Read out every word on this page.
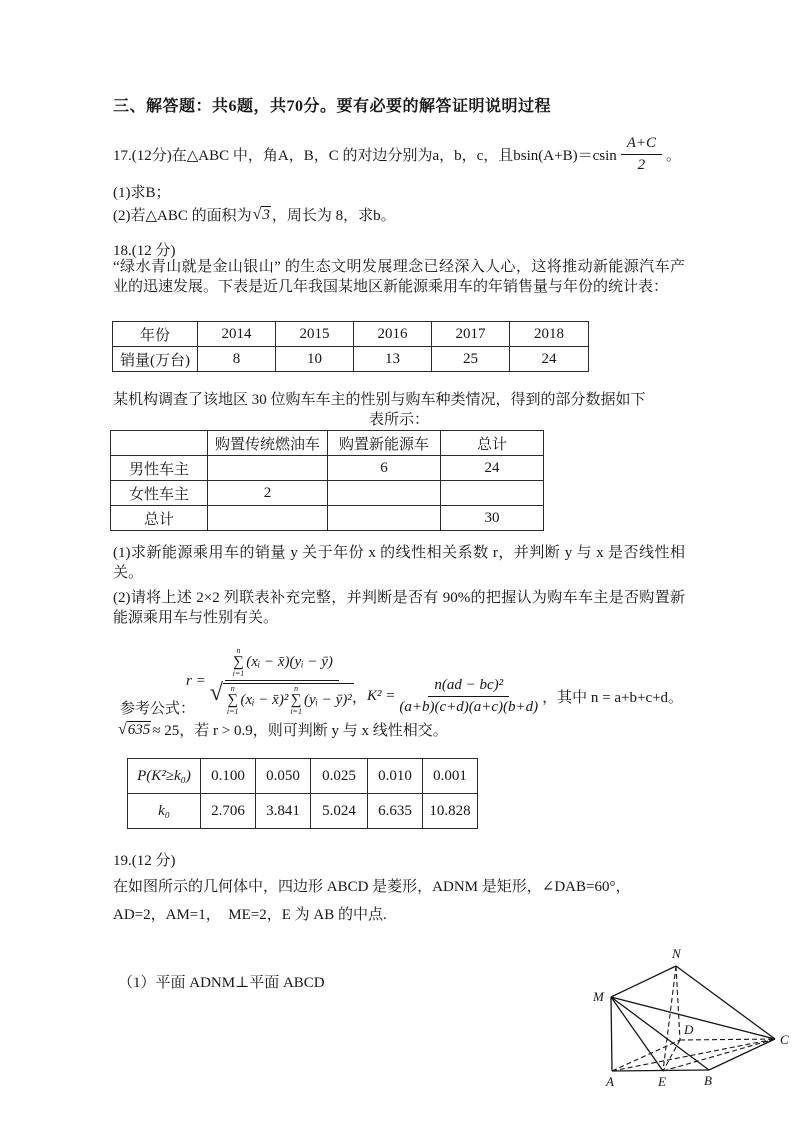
三、解答题：共6题，共70分。要有必要的解答证明说明过程
17.(12分)在△ABC 中，角A，B，C 的对边分别为a，b，c，且$bsin(A+B)=csin \frac{A+C}{2}$ 。
(1)求B；
(2)若△ABC 的面积为 √ 3 ，周长为 8，求b。
18.(12 分)
“绿水青山就是金山银山” 的生态文明发展理念已经深入人心，这将推动新能源汽车产业的迅速发展。下表是近几年我国某地区新能源乘用车的年销售量与年份的统计表：
年份	2014	2015	2016	2017	2018
销量(万台)	8	10	13	25	24
某机构调查了该地区 30 位购车车主的性别与购车种类情况，得到的部分数据如下
表所示：
	购置传统燃油车	购置新能源车	总计
男性车主		6	24
女性车主	2		
总计			30
(1)求新能源乘用车的销量 y 关于年份 x 的线性相关系数 r，并判断 y 与 x 是否线性相关。
(2)请将上述 2×2 列联表补充完整，并判断是否有 90%的把握认为购车车主是否购置新能源乘用车与性别有关。
参考公式：
r =
n
∑
i=1
(xᵢ − x̄)(yᵢ − ȳ)
√ n
∑
i=1
(xᵢ − x̄)²
n
∑
i=1
(yᵢ − ȳ)² ， $K^2 = \frac{\text{n(ad − bc)²}}{(a+b)(c+d)(a+c)(b+d)}$ ，其中 n = a+b+c+d。
√ 635 ≈ 25，若 r > 0.9，则可判断 y 与 x 线性相交。
P(K²≥k₀)	0.100	0.050	0.025	0.010	0.001
k₀	2.706	3.841	5.024	6.635	10.828
19.(12 分)
在如图所示的几何体中，四边形 ABCD 是菱形，ADNM 是矩形，∠DAB=60°，
AD=2，AM=1，　ME=2，E 为 AB 的中点.
（1）平面 ADNM⊥平面 ABCD
N
M
D
C
A	E	B
